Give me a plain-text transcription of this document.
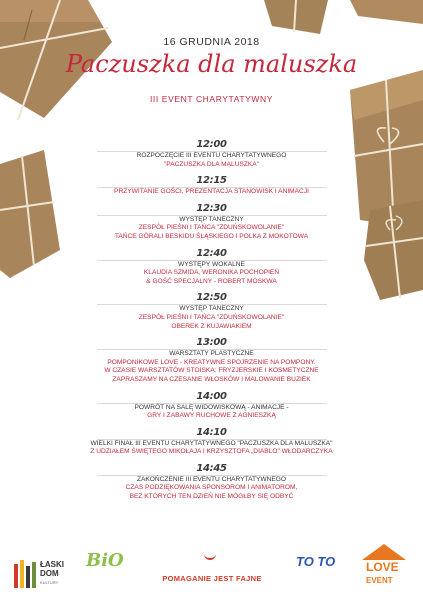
16 GRUDNIA 2018
Paczuszka dla maluszka
III EVENT CHARYTATYWNY
12:00
ROZPOCZĘCIE III EVENTU CHARYTATYWNEGO
"PACZUSZKA DLA MALUSZKA"
12:15
PRZYWITANIE GOŚCI, PREZENTACJA STANOWISK I ANIMACJI
12:30
WYSTĘP TANECZNY
ZESPÓŁ PIEŚNI I TAŃCA "ZDUŃSKOWOLANIE"
TAŃCE GÓRALI BESKIDU ŚLĄSKIEGO I POLKA Z MOKOTOWA
12:40
WYSTĘPY WOKALNE
KLAUDIA SZMIDA, WERONIKA POCHOPIEŃ
& GOŚĆ SPECJALNY - ROBERT MOSKWA
12:50
WYSTĘP TANECZNY
ZESPÓŁ PIEŚNI I TAŃCA "ZDUŃSKOWOLANIE"
OBEREK Z KUJAWIAKIEM
13:00
WARSZTATY PLASTYCZNE
POMPONIKOWE LOVE - KREATYWNE SPOJRZENIE NA POMPONY.
W CZASIE WARSZTATÓW STOISKA: FRYZJERSKIE I KOSMETYCZNE
ZAPRASZAMY NA CZESANIE WŁOSKÓW I MALOWANIE BUZIEK
14:00
POWRÓT NA SALĘ WIDOWISKOWĄ - ANIMACJE -
GRY I ZABAWY RUCHOWE Z AGNIESZKĄ
14:10
WIELKI FINAŁ III EVENTU CHARYTATYWNEGO "PACZUSZKA DLA MALUSZKA"
Z UDZIAŁEM ŚWIĘTEGO MIKOŁAJA I KRZYSZTOFA „DIABLO" WŁODARCZYKA
14:45
ZAKOŃCZENIE III EVENTU CHARYTATYWNEGO
CZAS PODZIĘKOWANIA SPONSOROM I ANIMATOROM,
BEZ KTÓRYCH TEN DZIEŃ NIE MÓGŁBY SIĘ ODBYĆ
ŁASKI
DOM
KULTURY
BiO
POMAGANIE JEST FAJNE
TO TO	LOVE
EVENT
